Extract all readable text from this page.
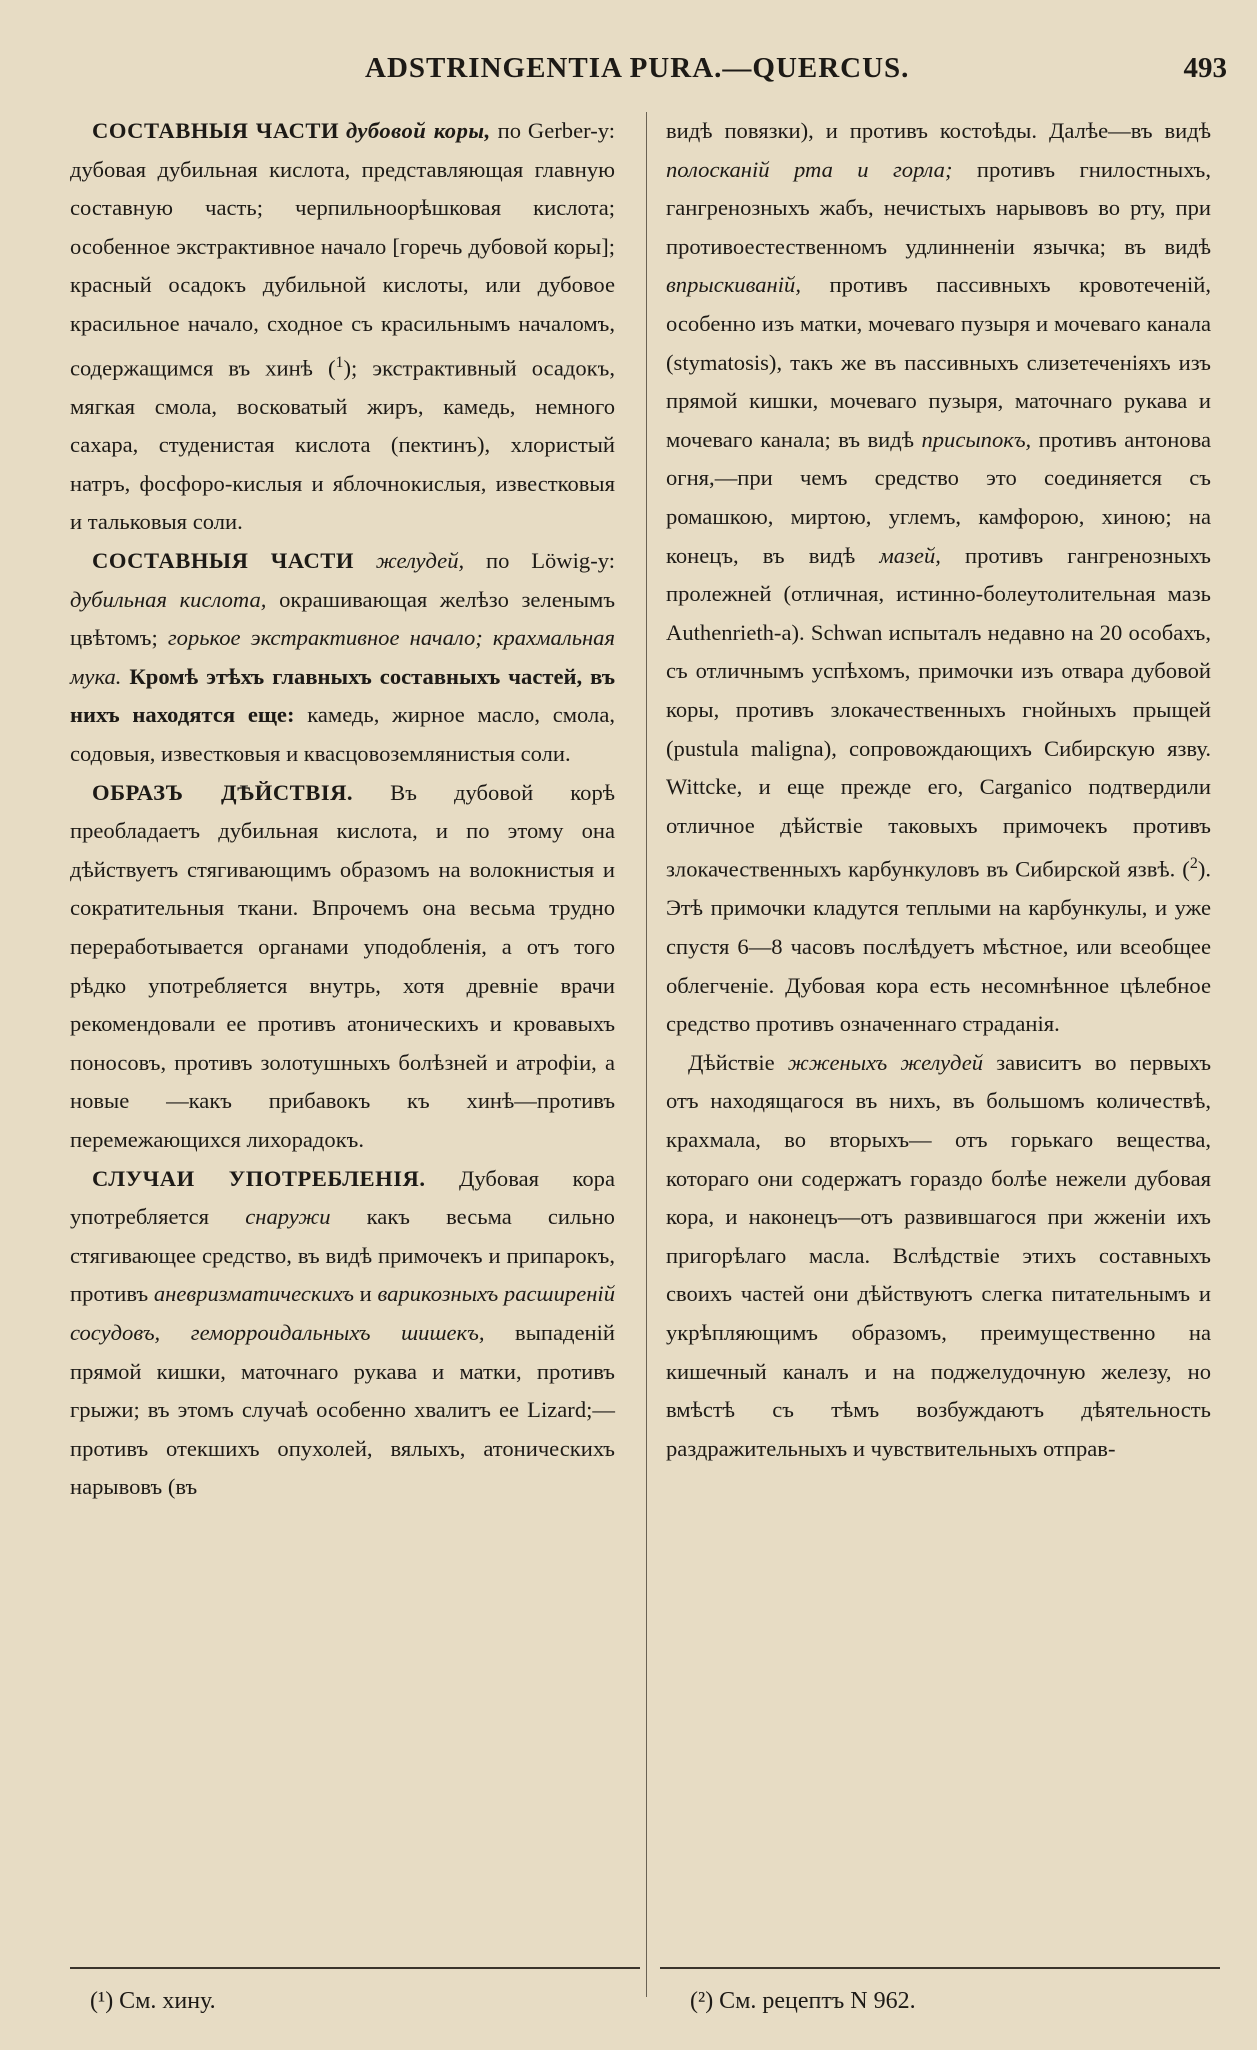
ADSTRINGENTIA PURA.—QUERCUS.	493

СОСТАВНЫЯ ЧАСТИ дубовой коры, по Gerber-у: дубовая дубильная кислота, представляющая главную составную часть; черпильноорѣшковая кислота; особенное экстрактивное начало [горечь дубовой коры]; красный осадокъ дубильной кислоты, или дубовое красильное начало, сходное съ красильнымъ началомъ, содержащимся въ хинѣ ($^1$); экстрактивный осадокъ, мягкая смола, восковатый жиръ, камедь, немного сахара, студенистая кислота (пектинъ), хлористый натръ, фосфоро-кислыя и яблочнокислыя, известковыя и тальковыя соли.

СОСТАВНЫЯ ЧАСТИ желудей, по Löwig-у: дубильная кислота, окрашивающая желѣзо зеленымъ цвѣтомъ; горькое экстрактивное начало; крахмальная мука. Кромѣ этѣхъ главныхъ составныхъ частей, въ нихъ находятся еще: камедь, жирное масло, смола, содовыя, известковыя и квасцовоземлянистыя соли.

ОБРАЗЪ ДѢЙСТВІЯ. Въ дубовой корѣ преобладаетъ дубильная кислота, и по этому она дѣйствуетъ стягивающимъ образомъ на волокнистыя и сократительныя ткани. Впрочемъ она весьма трудно переработывается органами уподобленія, а отъ того рѣдко употребляется внутрь, хотя древніе врачи рекомендовали ее противъ атоническихъ и кровавыхъ поносовъ, противъ золотушныхъ болѣзней и атрофіи, а новые —какъ прибавокъ къ хинѣ—противъ перемежающихся лихорадокъ.

СЛУЧАИ УПОТРЕБЛЕНІЯ. Дубовая кора употребляется снаружи какъ весьма сильно стягивающее средство, въ видѣ примочекъ и припарокъ, противъ аневризматическихъ и варикозныхъ расширеній сосудовъ, геморроидальныхъ шишекъ, выпаденій прямой кишки, маточнаго рукава и матки, противъ грыжи; въ этомъ случаѣ особенно хвалитъ ее Lizard;—противъ отекшихъ опухолей, вялыхъ, атоническихъ нарывовъ (въ

видѣ повязки), и противъ костоѣды. Далѣе—въ видѣ полосканій рта и горла; противъ гнилостныхъ, гангренозныхъ жабъ, нечистыхъ нарывовъ во рту, при противоестественномъ удлинненіи язычка; въ видѣ впрыскиваній, противъ пассивныхъ кровотеченій, особенно изъ матки, мочеваго пузыря и мочеваго канала (stymatosis), такъ же въ пассивныхъ слизетеченіяхъ изъ прямой кишки, мочеваго пузыря, маточнаго рукава и мочеваго канала; въ видѣ присыпокъ, противъ антонова огня,—при чемъ средство это соединяется съ ромашкою, миртою, углемъ, камфорою, хиною; на конецъ, въ видѣ мазей, противъ гангренозныхъ пролежней (отличная, истинно-болеутолительная мазь Authenrieth-а). Schwan испыталъ недавно на 20 особахъ, съ отличнымъ успѣхомъ, примочки изъ отвара дубовой коры, противъ злокачественныхъ гнойныхъ прыщей (pustula maligna), сопровождающихъ Сибирскую язву. Wittcke, и еще прежде его, Carganico подтвердили отличное дѣйствіе таковыхъ примочекъ противъ злокачественныхъ карбункуловъ въ Сибирской язвѣ. ($^2$). Этѣ примочки кладутся теплыми на карбункулы, и уже спустя 6—8 часовъ послѣдуетъ мѣстное, или всеобщее облегченіе. Дубовая кора есть несомнѣнное цѣлебное средство противъ означеннаго страданія.

Дѣйствіе жженыхъ желудей зависитъ во первыхъ отъ находящагося въ нихъ, въ большомъ количествѣ, крахмала, во вторыхъ— отъ горькаго вещества, котораго они содержатъ гораздо болѣе нежели дубовая кора, и наконецъ—отъ развившагося при жженіи ихъ пригорѣлаго масла. Вслѣдствіе этихъ составныхъ своихъ частей они дѣйствуютъ слегка питательнымъ и укрѣпляющимъ образомъ, преимущественно на кишечный каналъ и на поджелудочную железу, но вмѣстѣ съ тѣмъ возбуждаютъ дѣятельность раздражительныхъ и чувствительныхъ отправ-

(¹) См. хину.	(²) См. рецептъ N 962.
